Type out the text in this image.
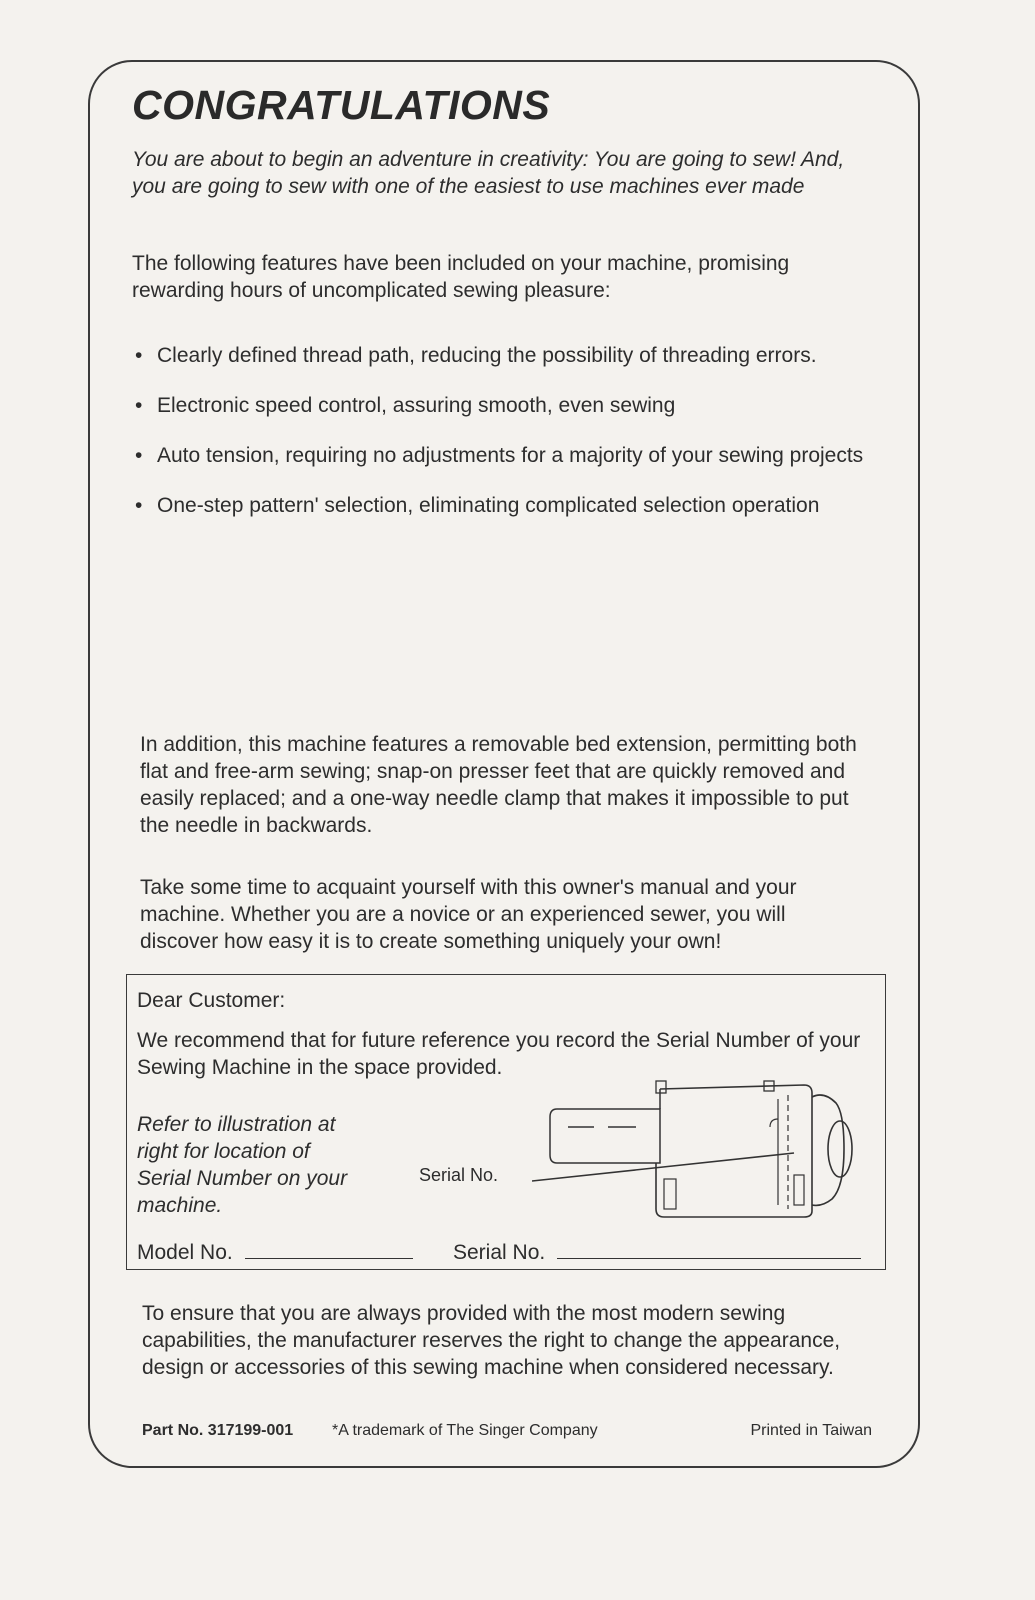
CONGRATULATIONS

You are about to begin an adventure in creativity: You are going to sew! And, you are going to sew with one of the easiest to use machines ever made

The following features have been included on your machine, promising rewarding hours of uncomplicated sewing pleasure:

• Clearly defined thread path, reducing the possibility of threading errors.
• Electronic speed control, assuring smooth, even sewing
• Auto tension, requiring no adjustments for a majority of your sewing projects
• One-step pattern' selection, eliminating complicated selection operation

In addition, this machine features a removable bed extension, permitting both flat and free-arm sewing; snap-on presser feet that are quickly removed and easily replaced; and a one-way needle clamp that makes it impossible to put the needle in backwards.

Take some time to acquaint yourself with this owner's manual and your machine. Whether you are a novice or an experienced sewer, you will discover how easy it is to create something uniquely your own!

Dear Customer:

We recommend that for future reference you record the Serial Number of your Sewing Machine in the space provided.

Refer to illustration at right for location of Serial Number on your machine.

Serial No.
Model No.	Serial No.

To ensure that you are always provided with the most modern sewing capabilities, the manufacturer reserves the right to change the appearance, design or accessories of this sewing machine when considered necessary.

Part No. 317199-001 *A trademark of The Singer Company	Printed in Taiwan
